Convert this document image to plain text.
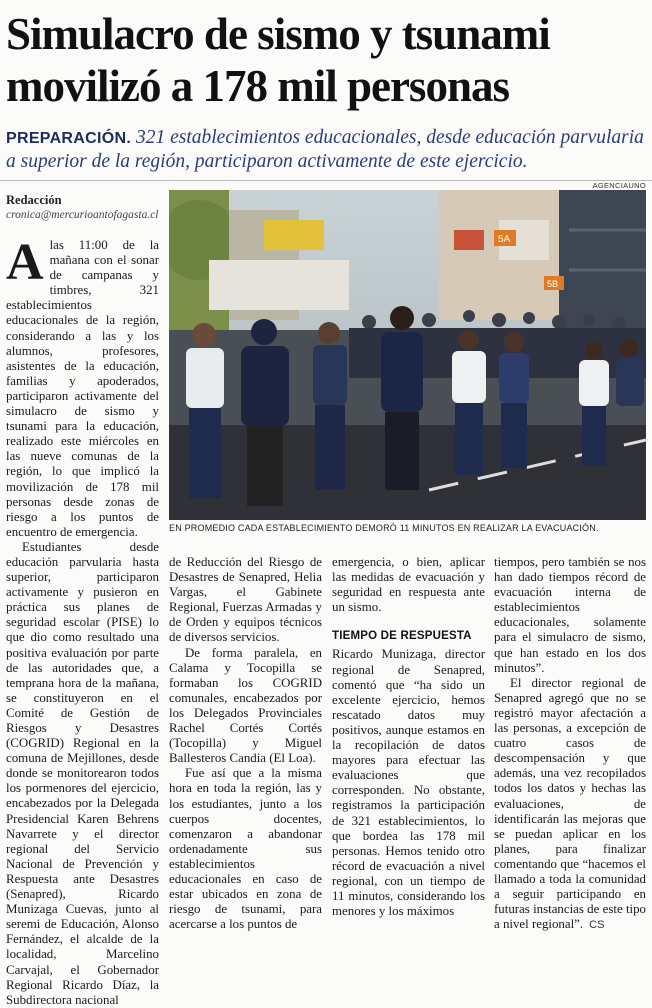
Simulacro de sismo y tsunami movilizó a 178 mil personas

PREPARACIÓN. 321 establecimientos educacionales, desde educación parvularia a superior de la región, participaron activamente de este ejercicio.

Redacción
cronica@mercurioantofagasta.cl
AGENCIAUNO
5A
5B
EN PROMEDIO CADA ESTABLECIMIENTO DEMORÓ 11 MINUTOS EN REALIZAR LA EVACUACIÓN.

Alas 11:00 de la mañana con el sonar de campanas y timbres, 321 establecimientos educacionales de la región, considerando a las y los alumnos, profesores, asistentes de la educación, familias y apoderados, participaron activamente del simulacro de sismo y tsunami para la educación, realizado este miércoles en las nueve comunas de la región, lo que implicó la movilización de 178 mil personas desde zonas de riesgo a los puntos de encuentro de emergencia.

Estudiantes desde educación parvularia hasta superior, participaron activamente y pusieron en práctica sus planes de seguridad escolar (PISE) lo que dio como resultado una positiva evaluación por parte de las autoridades que, a temprana hora de la mañana, se constituyeron en el Comité de Gestión de Riesgos y Desastres (COGRID) Regional en la comuna de Mejillones, desde donde se monitorearon todos los pormenores del ejercicio, encabezados por la Delegada Presidencial Karen Behrens Navarrete y el director regional del Servicio Nacional de Prevención y Respuesta ante Desastres (Senapred), Ricardo Munizaga Cuevas, junto al seremi de Educación, Alonso Fernández, el alcalde de la localidad, Marcelino Carvajal, el Gobernador Regional Ricardo Díaz, la Subdirectora nacional

de Reducción del Riesgo de Desastres de Senapred, Helia Vargas, el Gabinete Regional, Fuerzas Armadas y de Orden y equipos técnicos de diversos servicios.

De forma paralela, en Calama y Tocopilla se formaban los COGRID comunales, encabezados por los Delegados Provinciales Rachel Cortés Cortés (Tocopilla) y Miguel Ballesteros Candia (El Loa).

Fue así que a la misma hora en toda la región, las y los estudiantes, junto a los cuerpos docentes, comenzaron a abandonar ordenadamente sus establecimientos educacionales en caso de estar ubicados en zona de riesgo de tsunami, para acercarse a los puntos de

emergencia, o bien, aplicar las medidas de evacuación y seguridad en respuesta ante un sismo.

TIEMPO DE RESPUESTA

Ricardo Munizaga, director regional de Senapred, comentó que “ha sido un excelente ejercicio, hemos rescatado datos muy positivos, aunque estamos en la recopilación de datos mayores para efectuar las evaluaciones que corresponden. No obstante, registramos la participación de 321 establecimientos, lo que bordea las 178 mil personas. Hemos tenido otro récord de evacuación a nivel regional, con un tiempo de 11 minutos, considerando los menores y los máximos

tiempos, pero también se nos han dado tiempos récord de evacuación interna de establecimientos educacionales, solamente para el simulacro de sismo, que han estado en los dos minutos”.

El director regional de Senapred agregó que no se registró mayor afectación a las personas, a excepción de cuatro casos de descompensación y que además, una vez recopilados todos los datos y hechas las evaluaciones, de identificarán las mejoras que se puedan aplicar en los planes, para finalizar comentando que “hacemos el llamado a toda la comunidad a seguir participando en futuras instancias de este tipo a nivel regional”. CS
